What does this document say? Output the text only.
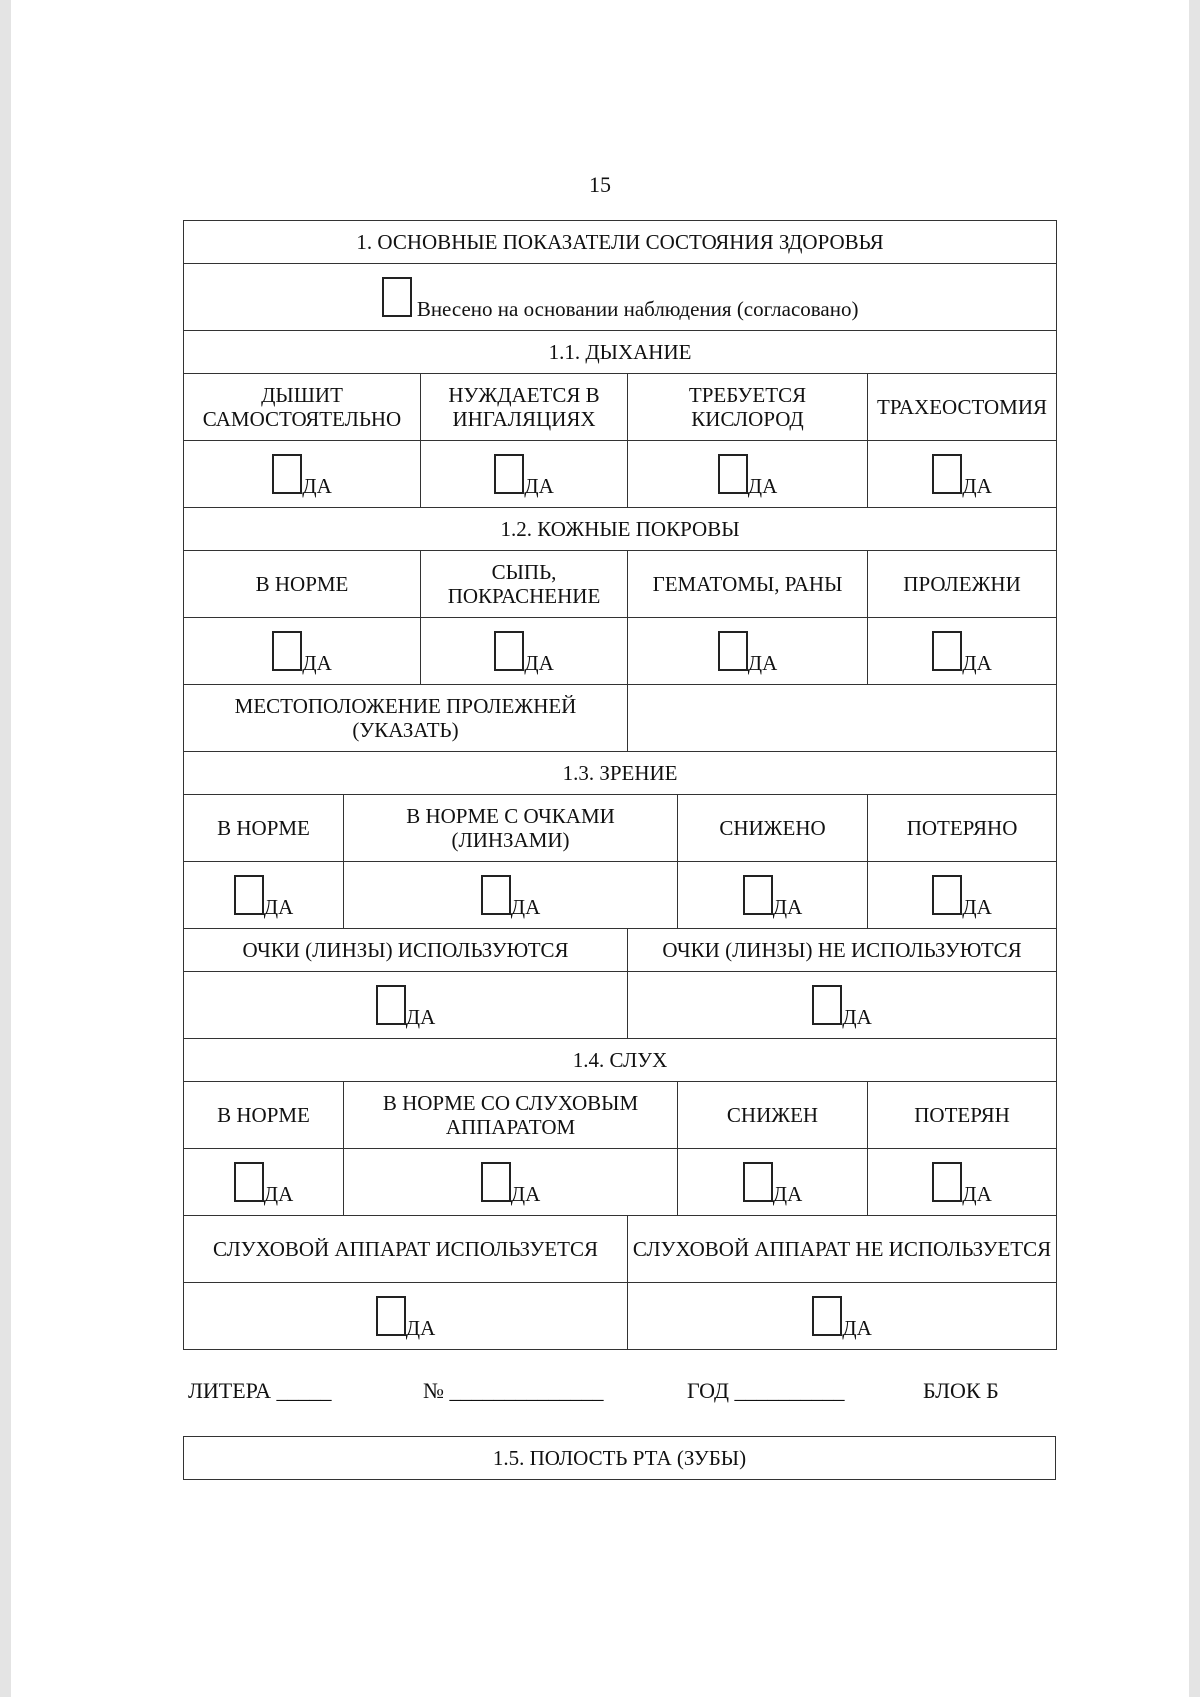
15
1. ОСНОВНЫЕ ПОКАЗАТЕЛИ СОСТОЯНИЯ ЗДОРОВЬЯ					
Внесено на основании наблюдения (согласовано)					
1.1. ДЫХАНИЕ					
ДЫШИТ САМОСТОЯТЕЛЬНО		НУЖДАЕТСЯ В ИНГАЛЯЦИЯХ	ТРЕБУЕТСЯ КИСЛОРОД		ТРАХЕОСТОМИЯ
ДА		ДА	ДА		ДА
1.2. КОЖНЫЕ ПОКРОВЫ					
В НОРМЕ		СЫПЬ, ПОКРАСНЕНИЕ	ГЕМАТОМЫ, РАНЫ		ПРОЛЕЖНИ
ДА		ДА	ДА		ДА
МЕСТОПОЛОЖЕНИЕ ПРОЛЕЖНЕЙ (УКАЗАТЬ)					
1.3. ЗРЕНИЕ					
В НОРМЕ	В НОРМЕ С ОЧКАМИ (ЛИНЗАМИ)			СНИЖЕНО	ПОТЕРЯНО
ДА	ДА			ДА	ДА
ОЧКИ (ЛИНЗЫ) ИСПОЛЬЗУЮТСЯ			ОЧКИ (ЛИНЗЫ) НЕ ИСПОЛЬЗУЮТСЯ		
ДА			ДА		
1.4. СЛУХ					
В НОРМЕ	В НОРМЕ СО СЛУХОВЫМ АППАРАТОМ			СНИЖЕН	ПОТЕРЯН
ДА	ДА			ДА	ДА
СЛУХОВОЙ АППАРАТ ИСПОЛЬЗУЕТСЯ			СЛУХОВОЙ АППАРАТ НЕ ИСПОЛЬЗУЕТСЯ		
ДА			ДА		
ЛИТЕРА _____	№ ______________	ГОД __________	БЛОК Б
1.5. ПОЛОСТЬ РТА (ЗУБЫ)
